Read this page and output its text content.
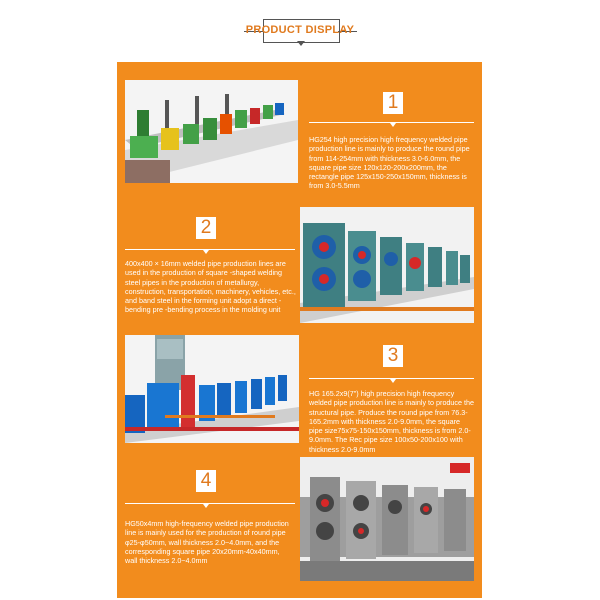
PRODUCT DISPLAY
1

HG254 high precision high frequency welded pipe production line is mainly to produce the round pipe from 114-254mm with thickness 3.0-6.0mm, the square pipe size 120x120-200x200mm, the rectangle pipe 125x150-250x150mm, thickness is from 3.0-5.5mm

2

400x400 × 16mm welded pipe production lines are used in the production of square -shaped welding steel pipes in the production of metallurgy, construction, transportation, machinery, vehicles, etc., and band steel in the forming unit adopt a direct -bending pre -bending process in the molding unit

3

HG 165.2x9(7") high precision high frequency welded pipe production line is mainly to produce the structural pipe. Produce the round pipe from 76.3-165.2mm with thickness 2.0-9.0mm, the square pipe size75x75-150x150mm, thickness is from 2.0-9.0mm. The Rec pipe size 100x50-200x100 with thickness 2.0-9.0mm

4

HG50x4mm high-frequency welded pipe production line is mainly used for the production of round pipe φ25-φ50mm, wall thickness 2.0~4.0mm, and the corresponding square pipe 20x20mm-40x40mm, wall thickness 2.0~4.0mm
